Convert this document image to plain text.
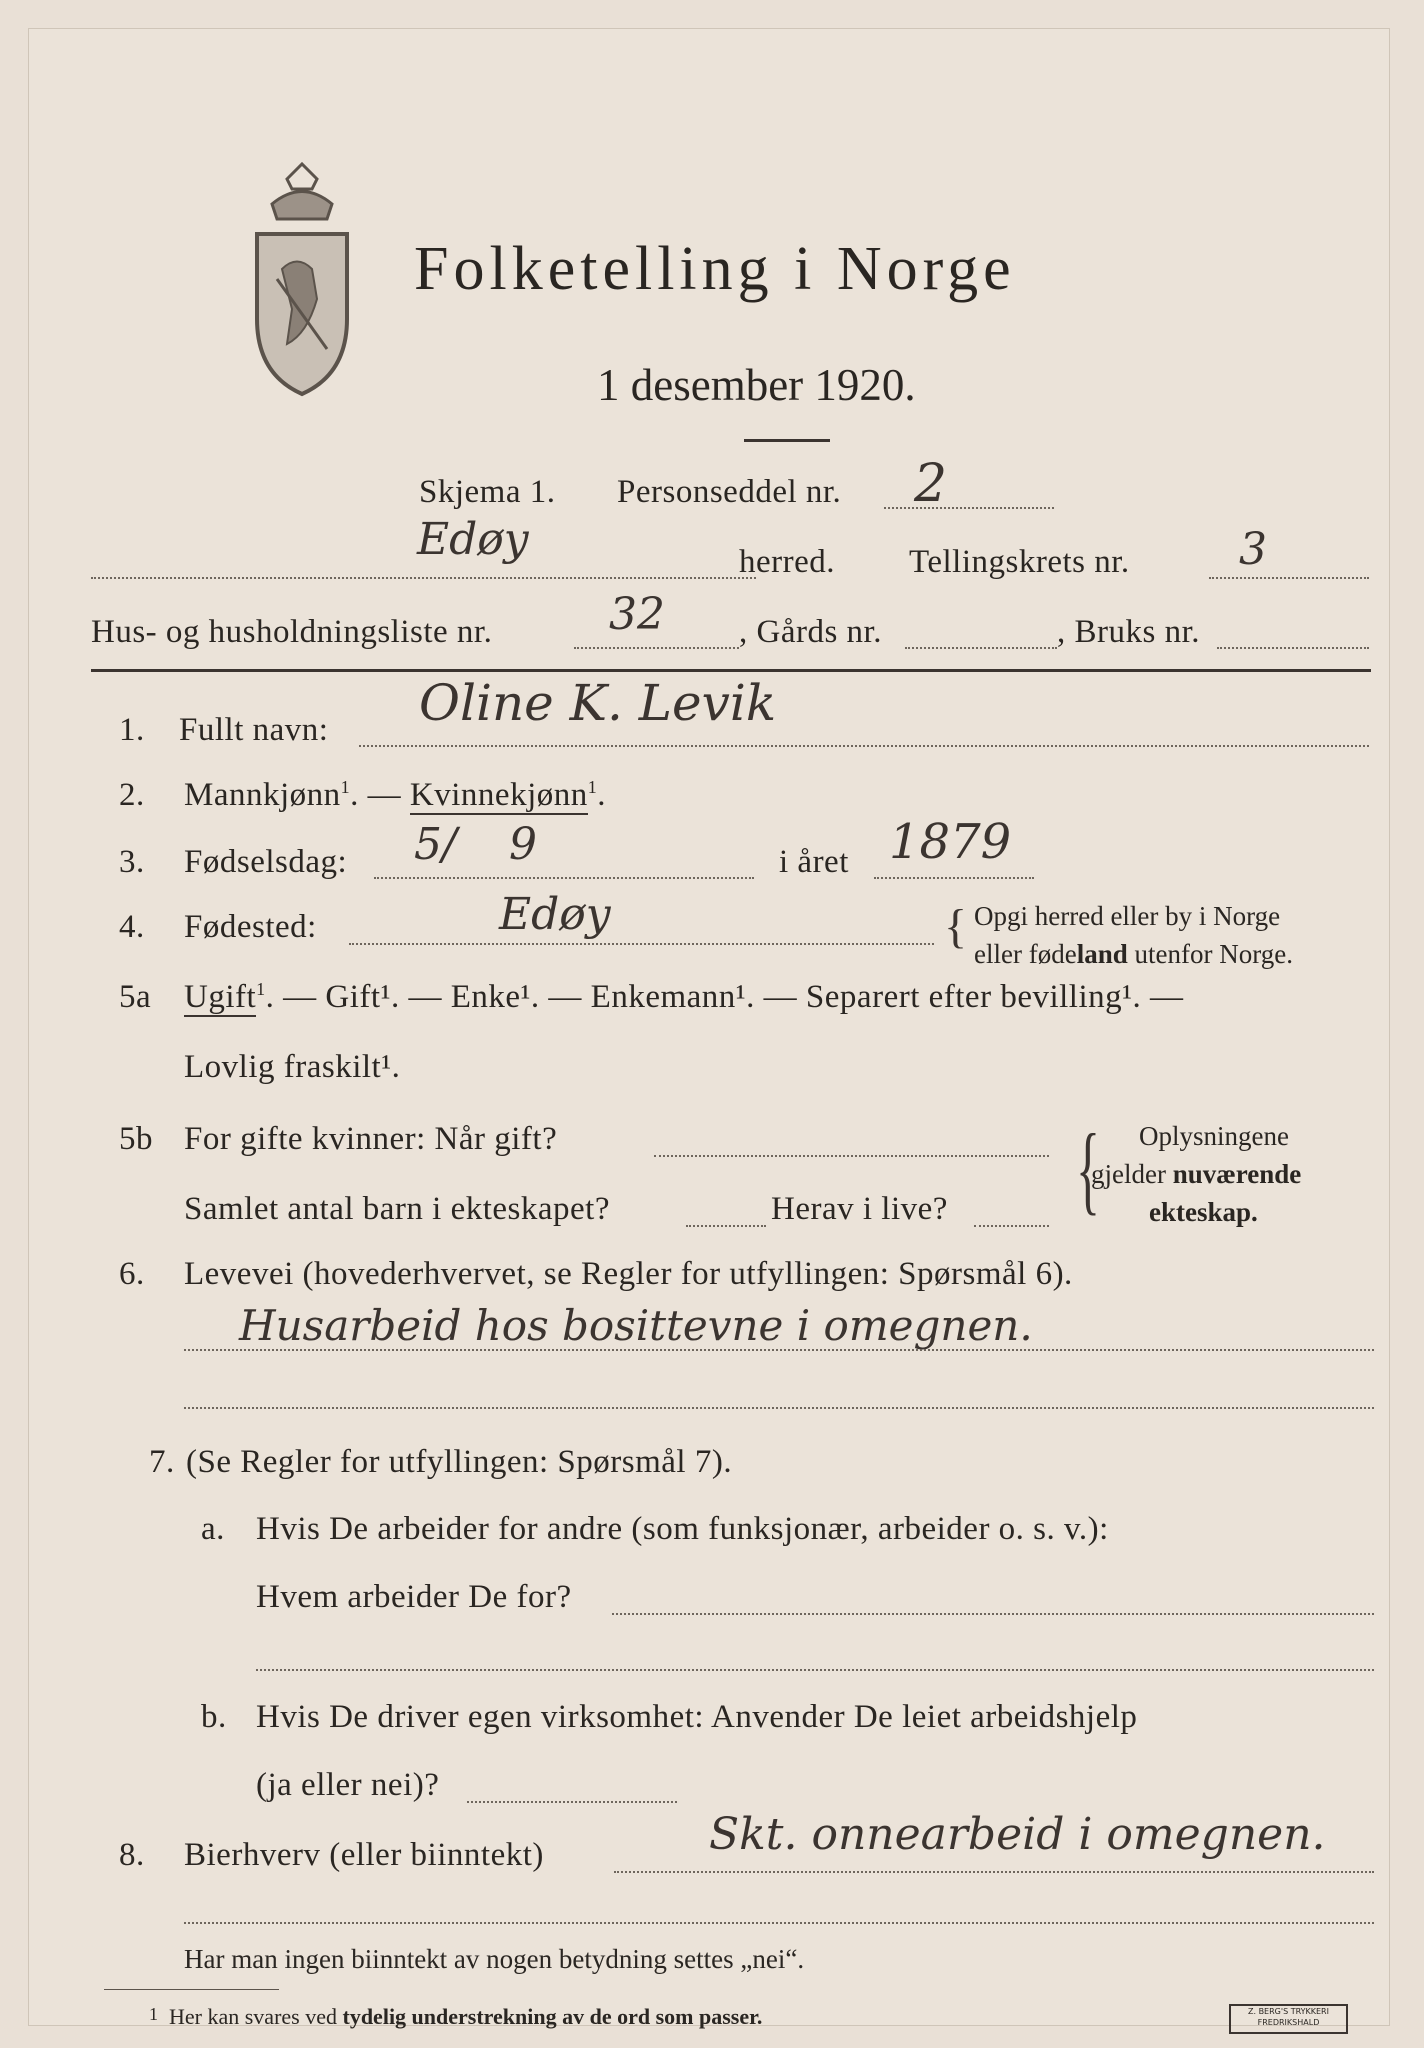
Folketelling i Norge
1 desember 1920.
Skjema 1. Personseddel nr. 2
Edøy	herred. Tellingskrets nr. 3
Hus- og husholdningsliste nr.	32 , Gårds nr.	, Bruks nr.
1. Fullt navn: Oline K. Levik
2. Mannkjønn$^1$. — Kvinnekjønn$^1$.
3. Fødselsdag: 5/ 9	i året 1879
4. Fødested:	Edøy	{ Opgi herred eller by i Norge
eller fødeland utenfor Norge.
5a Ugift$^1$. — Gift¹. — Enke¹. — Enkemann¹. — Separert efter bevilling¹. —
Lovlig fraskilt¹.
5b For gifte kvinner: Når gift?
Samlet antal barn i ekteskapet?	Herav i live? { Oplysningene
gjelder nuværende
ekteskap.
6. Levevei (hovederhvervet, se Regler for utfyllingen: Spørsmål 6).
Husarbeid hos bosittevne i omegnen.
7. (Se Regler for utfyllingen: Spørsmål 7).
a. Hvis De arbeider for andre (som funksjonær, arbeider o. s. v.):
Hvem arbeider De for?
b. Hvis De driver egen virksomhet: Anvender De leiet arbeidshjelp
(ja eller nei)?
8. Bierhverv (eller biinntekt)	Skt. onnearbeid i omegnen.
Har man ingen biinntekt av nogen betydning settes „nei“.
$^1$ Her kan svares ved tydelig understrekning av de ord som passer.	Z. BERG'S TRYKKERI
FREDRIKSHALD
